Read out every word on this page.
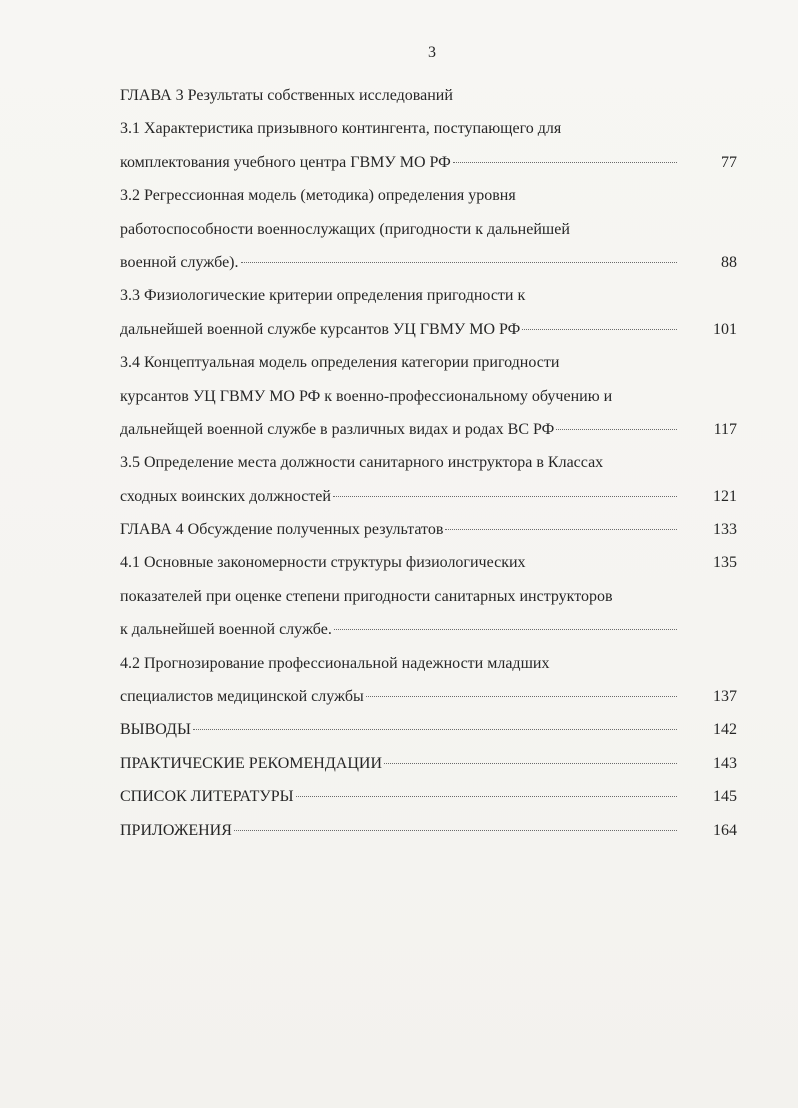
3
ГЛАВА 3 Результаты собственных исследований
3.1 Характеристика призывного контингента, поступающего для
комплектования учебного центра ГВМУ МО РФ	77
3.2 Регрессионная модель (методика) определения уровня
работоспособности военнослужащих (пригодности к дальнейшей
военной службе).	88
3.3 Физиологические критерии определения пригодности к
дальнейшей военной службе курсантов УЦ ГВМУ МО РФ	101
3.4 Концептуальная модель определения категории пригодности
курсантов УЦ ГВМУ МО РФ к военно-профессиональному обучению и
дальнейщей военной службе в различных видах и родах ВС РФ	117
3.5 Определение места должности санитарного инструктора в Классах
сходных воинских должностей	121
ГЛАВА 4 Обсуждение полученных результатов	133
4.1 Основные закономерности структуры физиологических	135
показателей при оценке степени пригодности санитарных инструкторов
к дальнейшей военной службе.
4.2 Прогнозирование профессиональной надежности младших
специалистов медицинской службы	137
ВЫВОДЫ	142
ПРАКТИЧЕСКИЕ РЕКОМЕНДАЦИИ	143
СПИСОК ЛИТЕРАТУРЫ	145
ПРИЛОЖЕНИЯ	164
